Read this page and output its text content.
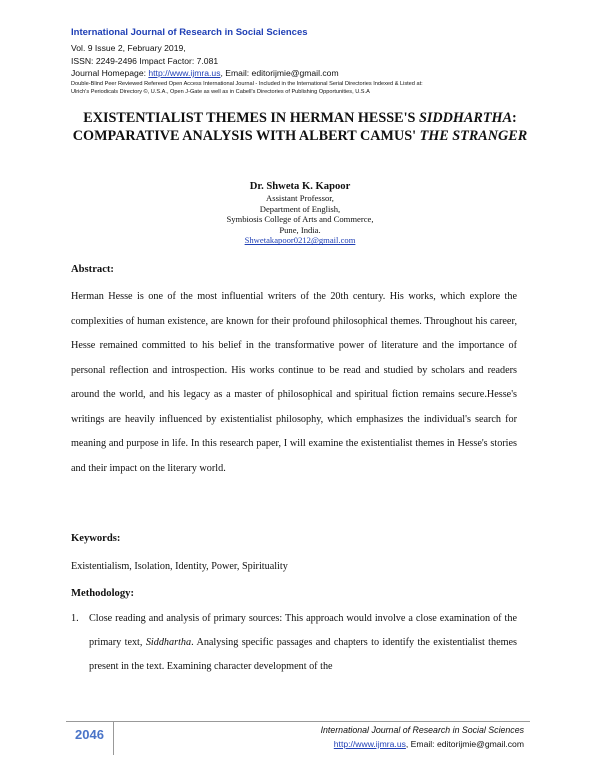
International Journal of Research in Social Sciences
Vol. 9 Issue 2, February 2019,
ISSN: 2249-2496 Impact Factor: 7.081
Journal Homepage: http://www.ijmra.us, Email: editorijmie@gmail.com
Double-Blind Peer Reviewed Refereed Open Access International Journal - Included in the International Serial Directories Indexed & Listed at:
Ulrich's Periodicals Directory ©, U.S.A., Open J-Gate as well as in Cabell's Directories of Publishing Opportunities, U.S.A
EXISTENTIALIST THEMES IN HERMAN HESSE'S SIDDHARTHA: COMPARATIVE ANALYSIS WITH ALBERT CAMUS' THE STRANGER
Dr. Shweta K. Kapoor
Assistant Professor,
Department of English,
Symbiosis College of Arts and Commerce,
Pune, India.
Shwetakapoor0212@gmail.com
Abstract:
Herman Hesse is one of the most influential writers of the 20th century. His works, which explore the complexities of human existence, are known for their profound philosophical themes. Throughout his career, Hesse remained committed to his belief in the transformative power of literature and the importance of personal reflection and introspection. His works continue to be read and studied by scholars and readers around the world, and his legacy as a master of philosophical and spiritual fiction remains secure.Hesse's writings are heavily influenced by existentialist philosophy, which emphasizes the individual's search for meaning and purpose in life. In this research paper, I will examine the existentialist themes in Hesse's stories and their impact on the literary world.
Keywords:
Existentialism, Isolation, Identity, Power, Spirituality
Methodology:
1. Close reading and analysis of primary sources: This approach would involve a close examination of the primary text, Siddhartha. Analysing specific passages and chapters to identify the existentialist themes present in the text. Examining character development of the
2046	International Journal of Research in Social Sciences
http://www.ijmra.us, Email: editorijmie@gmail.com
